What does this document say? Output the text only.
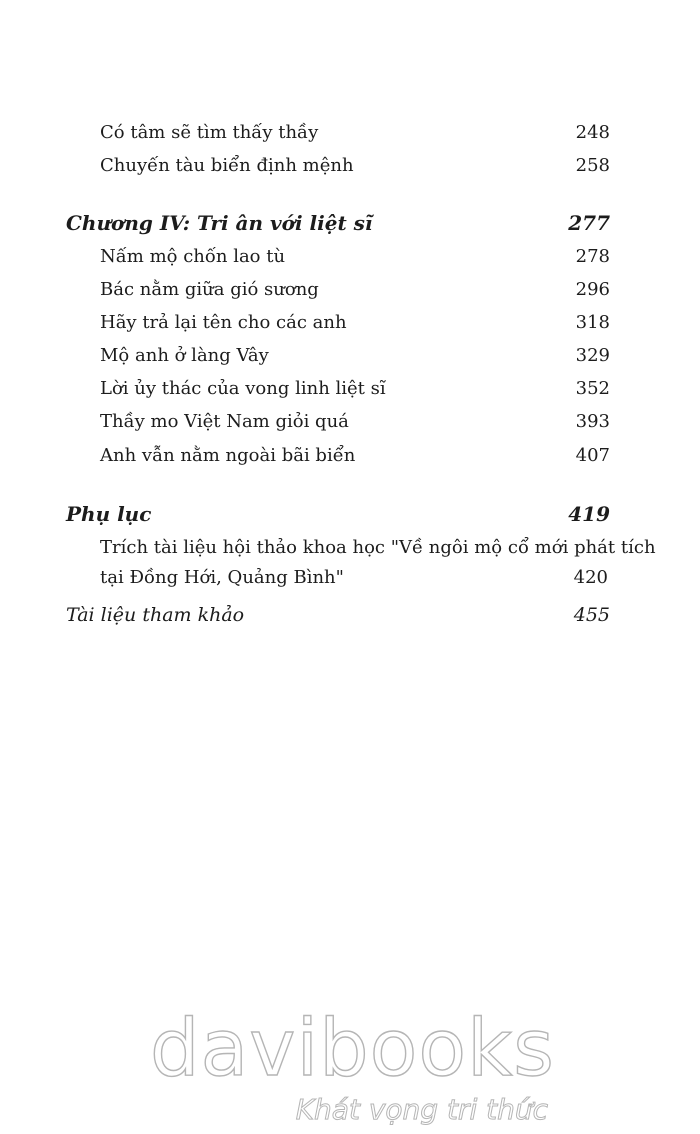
Có tâm sẽ tìm thấy thầy	248
Chuyến tàu biển định mệnh	258
Chương IV: Tri ân với liệt sĩ	277
Nấm mộ chốn lao tù	278
Bác nằm giữa gió sương	296
Hãy trả lại tên cho các anh	318
Mộ anh ở làng Vây	329
Lời ủy thác của vong linh liệt sĩ	352
Thầy mo Việt Nam giỏi quá	393
Anh vẫn nằm ngoài bãi biển	407
Phụ lục	419
Trích tài liệu hội thảo khoa học "Về ngôi mộ cổ mới phát tích
tại Đồng Hới, Quảng Bình"	420
Tài liệu tham khảo	455
davibooks
Khát vọng tri thức
